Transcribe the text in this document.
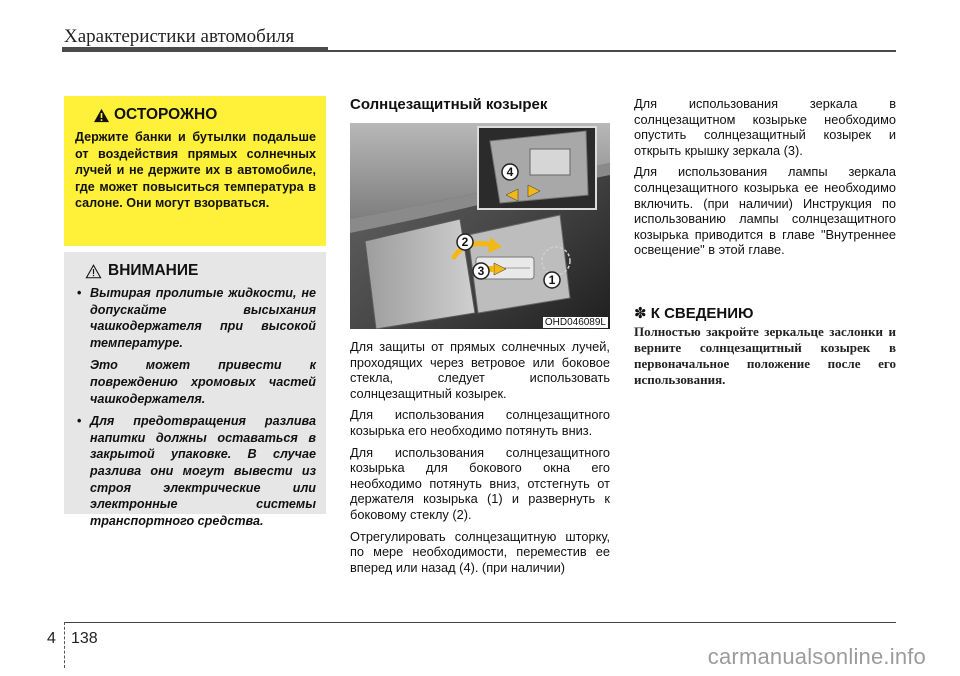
Характеристики автомобиля
ОСТОРОЖНО
Держите банки и бутылки подальше от воздействия прямых солнечных лучей и не держите их в автомобиле, где может повыситься температура в салоне. Они могут взорваться.
ВНИМАНИЕ
• Вытирая пролитые жидкости, не допускайте высыхания чашкодержателя при высокой температуре.
Это может привести к повреждению хромовых частей чашкодержателя.
• Для предотвращения разлива напитки должны оставаться в закрытой упаковке. В случае разлива они могут вывести из строя электрические или электронные системы транспортного средства.
Солнцезащитный козырек
1
2
3
4
OHD046089L

Для защиты от прямых солнечных лучей, проходящих через ветровое или боковое стекла, следует использовать солнцезащитный козырек.

Для использования солнцезащитного козырька его необходимо потянуть вниз.

Для использования солнцезащитного козырька для бокового окна его необходимо потянуть вниз, отстегнуть от держателя козырька (1) и развернуть к боковому стеклу (2).

Отрегулировать солнцезащитную шторку, по мере необходимости, переместив ее вперед или назад (4). (при наличии)

Для использования зеркала в солнцезащитном козырьке необходимо опустить солнцезащитный козырек и открыть крышку зеркала (3).

Для использования лампы зеркала солнцезащитного козырька ее необходимо включить. (при наличии) Инструкция по использованию лампы солнцезащитного козырька приводится в главе "Внутреннее освещение" в этой главе.

✽ К СВЕДЕНИЮ
Полностью закройте зеркальце заслонки и верните солнцезащитный козырек в первоначальное положение после его использования.
4 138
carmanualsonline.info
